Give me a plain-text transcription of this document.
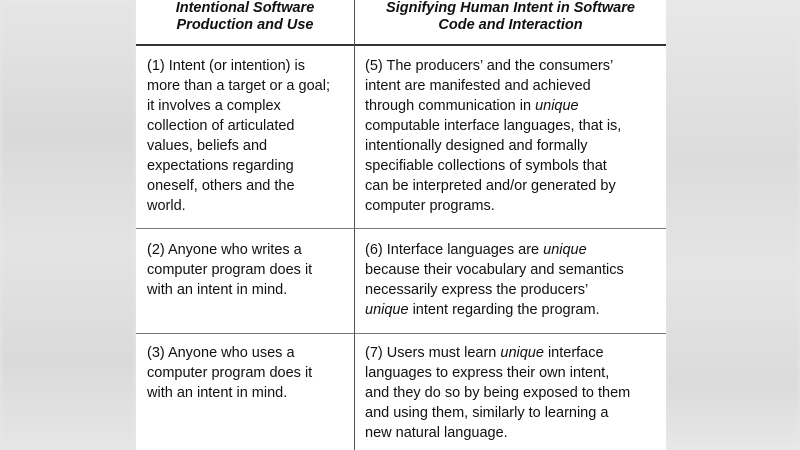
Intentional Software
Production and Use
Signifying Human Intent in Software
Code and Interaction
(1) Intent (or intention) is
more than a target or a goal;
it involves a complex
collection of articulated
values, beliefs and
expectations regarding
oneself, others and the
world.
(5) The producers’ and the consumers’
intent are manifested and achieved
through communication in unique
computable interface languages, that is,
intentionally designed and formally
specifiable collections of symbols that
can be interpreted and/or generated by
computer programs.
(2) Anyone who writes a
computer program does it
with an intent in mind.
(6) Interface languages are unique
because their vocabulary and semantics
necessarily express the producers’
unique intent regarding the program.
(3) Anyone who uses a
computer program does it
with an intent in mind.
(7) Users must learn unique interface
languages to express their own intent,
and they do so by being exposed to them
and using them, similarly to learning a
new natural language.
